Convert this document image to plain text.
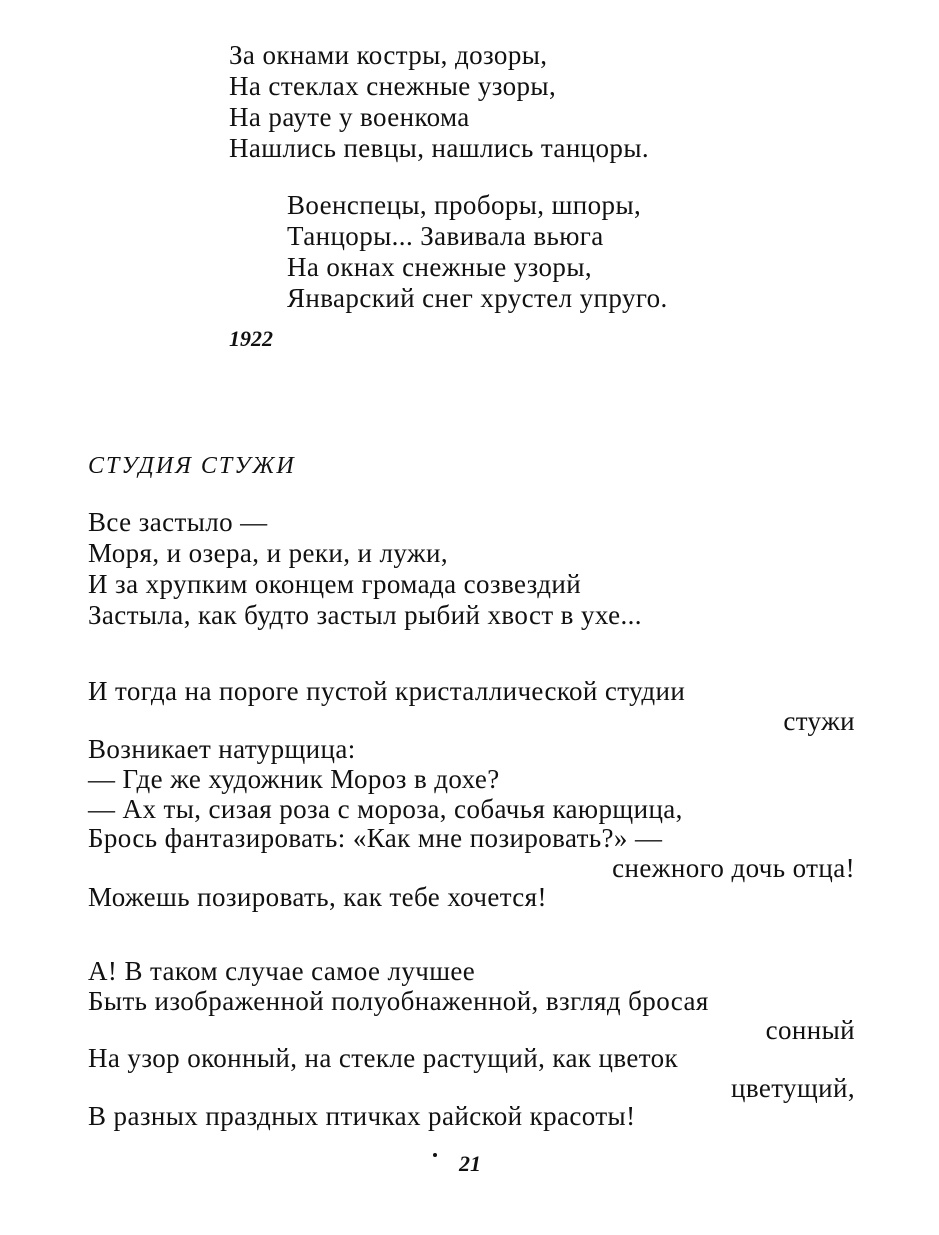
За окнами костры, дозоры,
На стеклах снежные узоры,
На рауте у военкома
Нашлись певцы, нашлись танцоры.
Военспецы, проборы, шпоры,
Танцоры... Завивала вьюга
На окнах снежные узоры,
Январский снег хрустел упруго.
1922
СТУДИЯ СТУЖИ
Все застыло —
Моря, и озера, и реки, и лужи,
И за хрупким оконцем громада созвездий
Застыла, как будто застыл рыбий хвост в ухе...
И тогда на пороге пустой кристаллической студии
стужи
Возникает натурщица:
— Где же художник Мороз в дохе?
— Ах ты, сизая роза с мороза, собачья каюрщица,
Брось фантазировать: «Как мне позировать?» —
снежного дочь отца!
Можешь позировать, как тебе хочется!
А! В таком случае самое лучшее
Быть изображенной полуобнаженной, взгляд бросая
сонный
На узор оконный, на стекле растущий, как цветок
цветущий,
В разных праздных птичках райской красоты!
21
